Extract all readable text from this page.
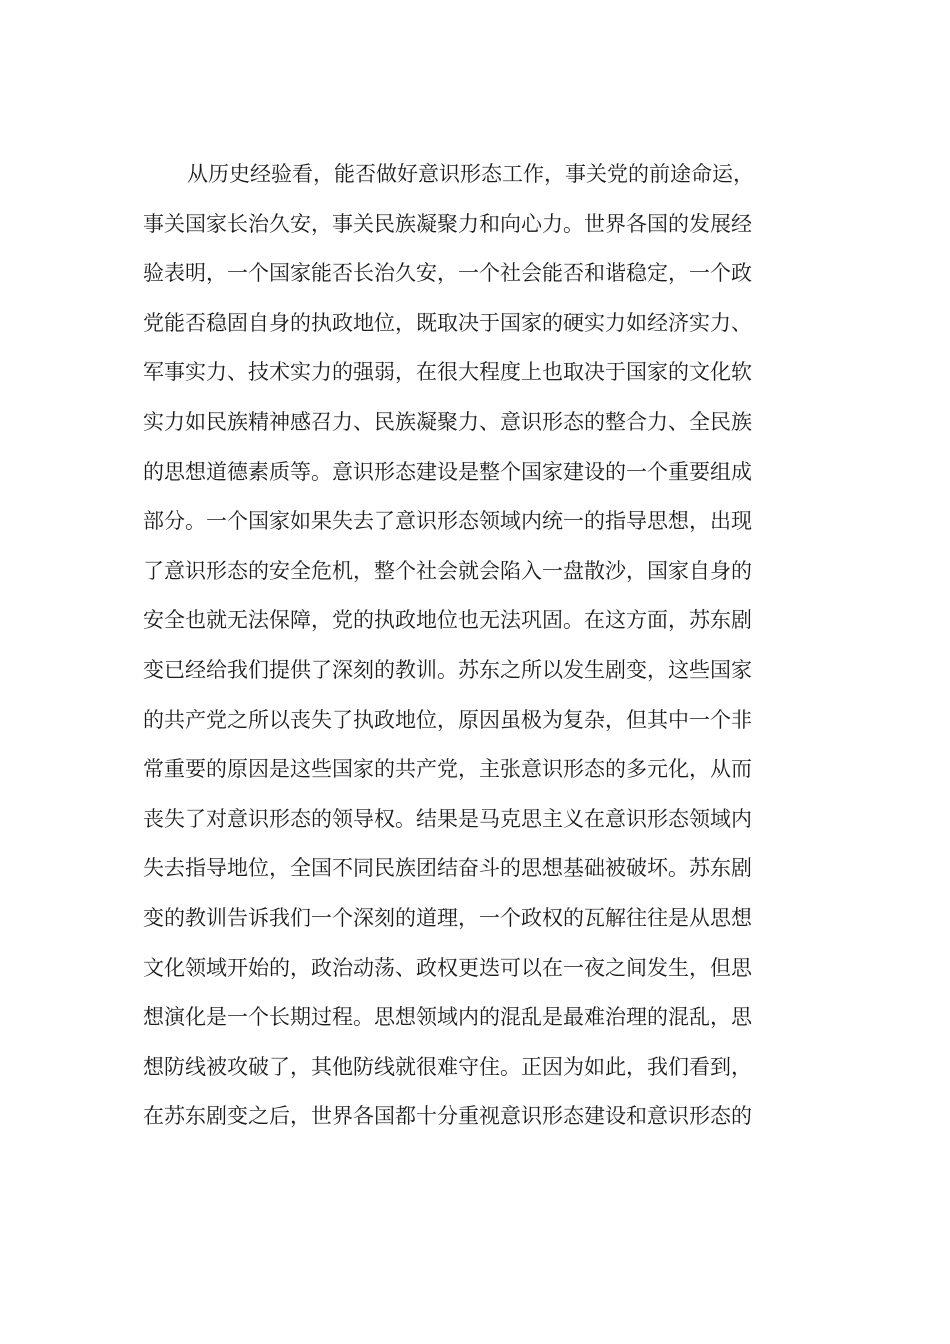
从历史经验看，能否做好意识形态工作，事关党的前途命运，
事关国家长治久安，事关民族凝聚力和向心力。世界各国的发展经
验表明，一个国家能否长治久安，一个社会能否和谐稳定，一个政
党能否稳固自身的执政地位，既取决于国家的硬实力如经济实力、
军事实力、技术实力的强弱，在很大程度上也取决于国家的文化软
实力如民族精神感召力、民族凝聚力、意识形态的整合力、全民族
的思想道德素质等。意识形态建设是整个国家建设的一个重要组成
部分。一个国家如果失去了意识形态领域内统一的指导思想，出现
了意识形态的安全危机，整个社会就会陷入一盘散沙，国家自身的
安全也就无法保障，党的执政地位也无法巩固。在这方面，苏东剧
变已经给我们提供了深刻的教训。苏东之所以发生剧变，这些国家
的共产党之所以丧失了执政地位，原因虽极为复杂，但其中一个非
常重要的原因是这些国家的共产党，主张意识形态的多元化，从而
丧失了对意识形态的领导权。结果是马克思主义在意识形态领域内
失去指导地位，全国不同民族团结奋斗的思想基础被破坏。苏东剧
变的教训告诉我们一个深刻的道理，一个政权的瓦解往往是从思想
文化领域开始的，政治动荡、政权更迭可以在一夜之间发生，但思
想演化是一个长期过程。思想领域内的混乱是最难治理的混乱，思
想防线被攻破了，其他防线就很难守住。正因为如此，我们看到，
在苏东剧变之后，世界各国都十分重视意识形态建设和意识形态的
